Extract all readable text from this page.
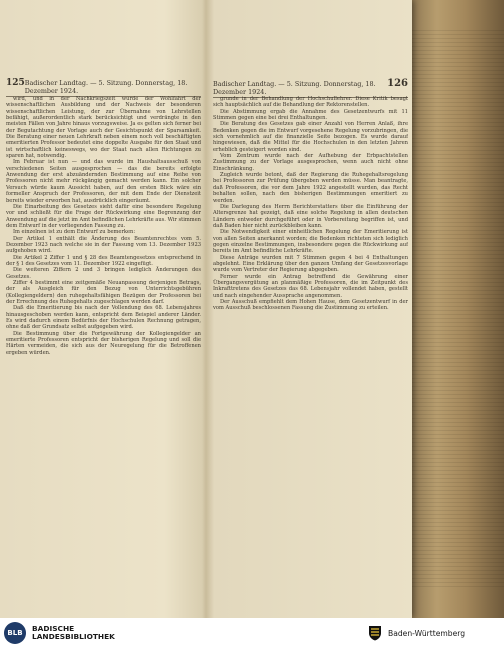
125 Badischer Landtag. — 5. Sitzung. Donnerstag, 18. Dezember 1924.

wird, und in der Nachkriegszeit wurde der Wohlfahrt der wissenschaftlichen Ausbildung und der Nachweis der besonderen wissenschaftlichen Leistung, der zur Übernahme von Lehrstellen befähigt, außerordentlich stark berücksichtigt und verdrängte in den meisten Fällen von Jahre hinaus vorzugsweise. Ja es gelten sich ferner bei der Begutachtung der Vorlage auch der Gesichtspunkt der Sparsamkeit. Die Beratung einer neuen Lehrkraft neben einem noch voll beschäftigten emeritierten Professor bedeutet eine doppelte Ausgabe für den Staat und ist wirtschaftlich keineswegs, wo der Staat nach allen Richtungen zu sparen hat, notwendig.

Im Februar ist nun — und das wurde im Haushaltsausschuß von verschiedenen Seiten ausgesprochen — das die bereits erfolgte Anwendung der erst abzuändernden Bestimmung auf eine Reihe von Professoren nicht mehr rückgängig gemacht werden kann. Ein solcher Versuch würde kaum Aussicht haben, auf den ersten Blick wäre ein formeller Anspruch der Professoren, der mit dem Ende der Dienstzeit bereits wieder erworben hat, ausdrücklich eingeräumt.

Die Einarbeitung des Gesetzes sieht dafür eine besondere Regelung vor und schließt für die Frage der Rückwirkung eine Begrenzung der Anwendung auf die jetzt im Amt befindlichen Lehrkräfte aus. Wir stimmen dem Entwurf in der vorliegenden Fassung zu.

Im einzelnen ist zu dem Entwurf zu bemerken:

Der Artikel 1 enthält die Änderung des Beamtenrechtes vom 5. Dezember 1923 nach welche sie in der Fassung vom 13. Dezember 1923 aufgehoben wird.

Die Artikel 2 Ziffer 1 und § 28 des Beamtengesetzes entsprechend in der § 1 des Gesetzes vom 11. Dezember 1922 eingefügt.

Die weiteren Ziffern 2 und 3 bringen lediglich Änderungen des Gesetzes.

Ziffer 4 bestimmt eine zeitgemäße Neuanpassung derjenigen Betrags, der als Ausgleich für den Bezug von Unterrichtsgebühren (Kollegiengeldern) den ruhegehaltsfähigen Bezügen der Professoren bei der Errechnung des Ruhegehalts zugeschlagen werden darf.

Daß die Emeritierung bis nach der Vollendung des 68. Lebensjahres hinausgeschoben werden kann, entspricht dem Beispiel anderer Länder. Es wird dadurch einem Bedürfnis der Hochschulen Rechnung getragen, ohne daß der Grundsatz selbst aufgegeben wird.

Die Bestimmung über die Fortgewährung der Kollegiengelder an emeritierte Professoren entspricht der bisherigen Regelung und soll die Härten vermeiden, die sich aus der Neuregelung für die Betroffenen ergeben würden.

Badischer Landtag. — 5. Sitzung. Donnerstag, 18. Dezember 1924.
126

grunde in der Behandlung der Hochschullehrer. Diese Kritik besagt sich hauptsächlich auf die Behandlung der Rektorenstellen.

Die Abstimmung ergab die Annahme des Gesetzentwurfs mit 11 Stimmen gegen eine bei drei Enthaltungen.

Die Beratung des Gesetzes gab einer Anzahl von Herren Anlaß, ihre Bedenken gegen die im Entwurf vorgesehene Regelung vorzubringen, die sich vornehmlich auf die finanzielle Seite bezogen. Es wurde darauf hingewiesen, daß die Mittel für die Hochschulen in den letzten Jahren erheblich gesteigert worden sind.

Vom Zentrum wurde nach der Aufhebung der Erbpachtstellen Zustimmung zu der Vorlage ausgesprochen, wenn auch nicht ohne Einschränkung.

Zugleich wurde betont, daß der Regierung die Ruhegehaltsregelung bei Professoren zur Prüfung übergeben werden müsse. Man beantragte, daß Professoren, die vor dem Jahre 1922 angestellt wurden, das Recht behalten sollen, nach den bisherigen Bestimmungen emeritiert zu werden.

Die Darlegung des Herrn Berichterstatters über die Einführung der Altersgrenze hat gezeigt, daß eine solche Regelung in allen deutschen Ländern entweder durchgeführt oder in Vorbereitung begriffen ist, und daß Baden hier nicht zurückbleiben kann.

Die Notwendigkeit einer einheitlichen Regelung der Emeritierung ist von allen Seiten anerkannt worden; die Bedenken richteten sich lediglich gegen einzelne Bestimmungen, insbesondere gegen die Rückwirkung auf bereits im Amt befindliche Lehrkräfte.

Diese Anträge wurden mit 7 Stimmen gegen 4 bei 4 Enthaltungen abgelehnt. Eine Erklärung über den ganzen Umfang der Gesetzesvorlage wurde vom Vertreter der Regierung abgegeben.

Ferner wurde ein Antrag betreffend die Gewährung einer Übergangsvergütung an planmäßige Professoren, die im Zeitpunkt des Inkrafttretens des Gesetzes das 68. Lebensjahr vollendet haben, gestellt und nach eingehender Aussprache angenommen.

Der Ausschuß empfiehlt dem Hohen Hause, dem Gesetzentwurf in der vom Ausschuß beschlossenen Fassung die Zustimmung zu erteilen.

BLB	BADISCHE
LANDESBIBLIOTHEK	Baden-Württemberg
